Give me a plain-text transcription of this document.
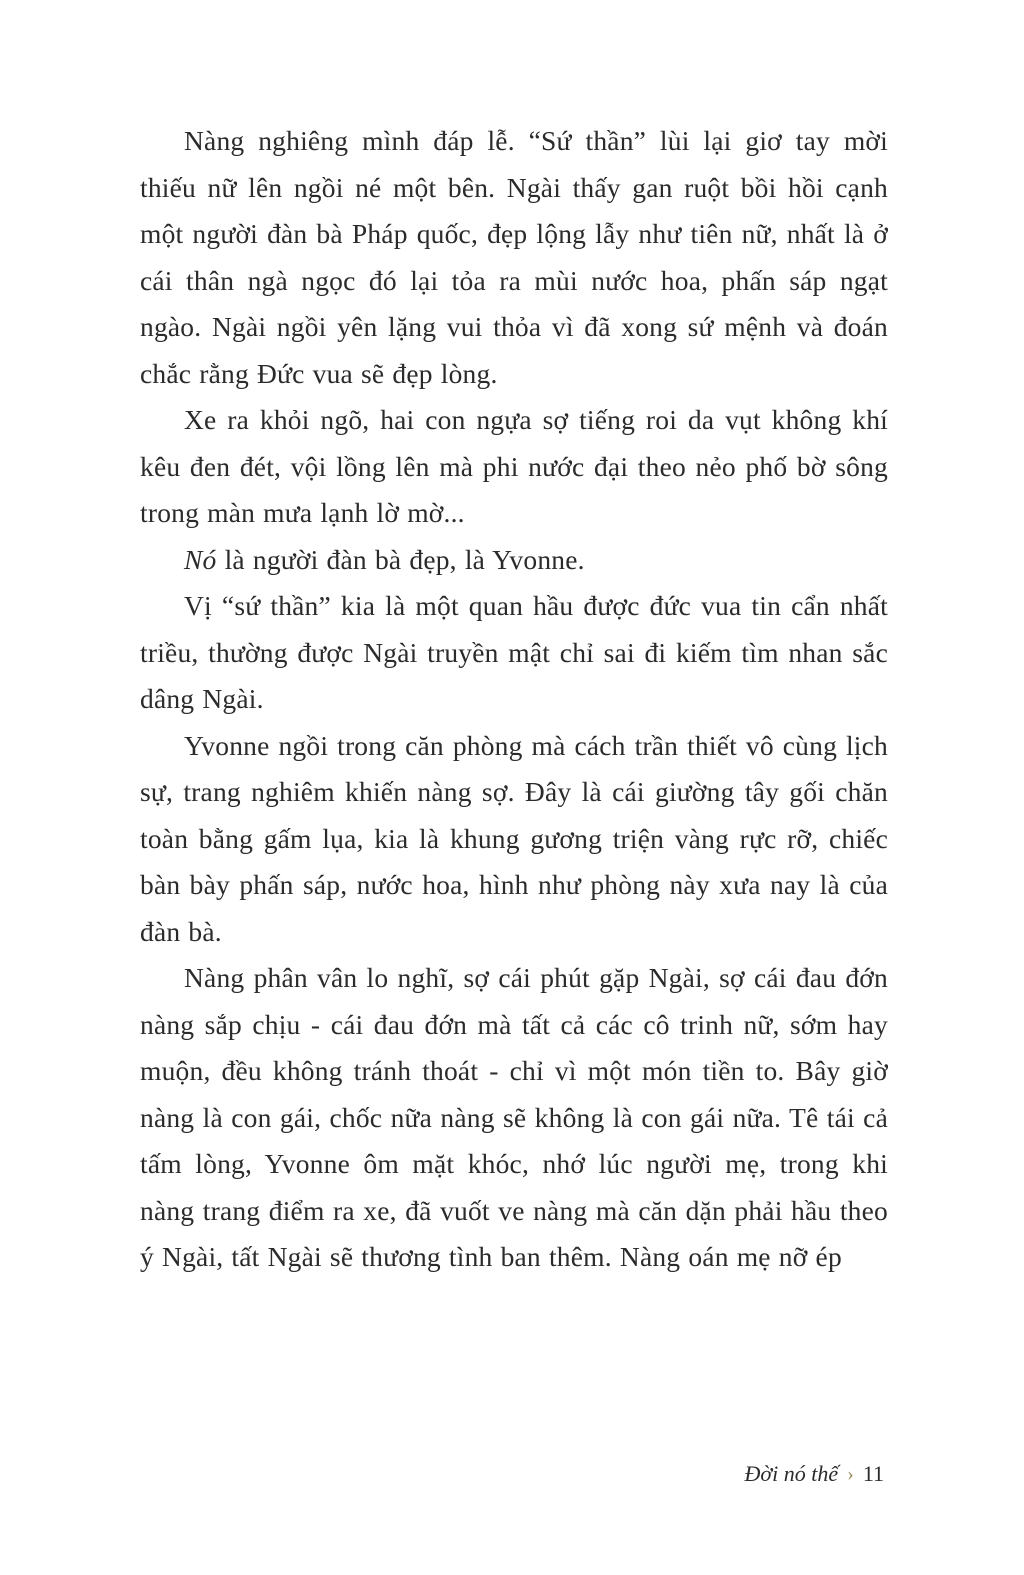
Nàng nghiêng mình đáp lễ. “Sứ thần” lùi lại giơ tay mời thiếu nữ lên ngồi né một bên. Ngài thấy gan ruột bồi hồi cạnh một người đàn bà Pháp quốc, đẹp lộng lẫy như tiên nữ, nhất là ở cái thân ngà ngọc đó lại tỏa ra mùi nước hoa, phấn sáp ngạt ngào. Ngài ngồi yên lặng vui thỏa vì đã xong sứ mệnh và đoán chắc rằng Đức vua sẽ đẹp lòng.

Xe ra khỏi ngõ, hai con ngựa sợ tiếng roi da vụt không khí kêu đen đét, vội lồng lên mà phi nước đại theo nẻo phố bờ sông trong màn mưa lạnh lờ mờ...

Nó là người đàn bà đẹp, là Yvonne.

Vị “sứ thần” kia là một quan hầu được đức vua tin cẩn nhất triều, thường được Ngài truyền mật chỉ sai đi kiếm tìm nhan sắc dâng Ngài.

Yvonne ngồi trong căn phòng mà cách trần thiết vô cùng lịch sự, trang nghiêm khiến nàng sợ. Đây là cái giường tây gối chăn toàn bằng gấm lụa, kia là khung gương triện vàng rực rỡ, chiếc bàn bày phấn sáp, nước hoa, hình như phòng này xưa nay là của đàn bà.

Nàng phân vân lo nghĩ, sợ cái phút gặp Ngài, sợ cái đau đớn nàng sắp chịu - cái đau đớn mà tất cả các cô trinh nữ, sớm hay muộn, đều không tránh thoát - chỉ vì một món tiền to. Bây giờ nàng là con gái, chốc nữa nàng sẽ không là con gái nữa. Tê tái cả tấm lòng, Yvonne ôm mặt khóc, nhớ lúc người mẹ, trong khi nàng trang điểm ra xe, đã vuốt ve nàng mà căn dặn phải hầu theo ý Ngài, tất Ngài sẽ thương tình ban thêm. Nàng oán mẹ nỡ ép

Đời nó thế › 11
